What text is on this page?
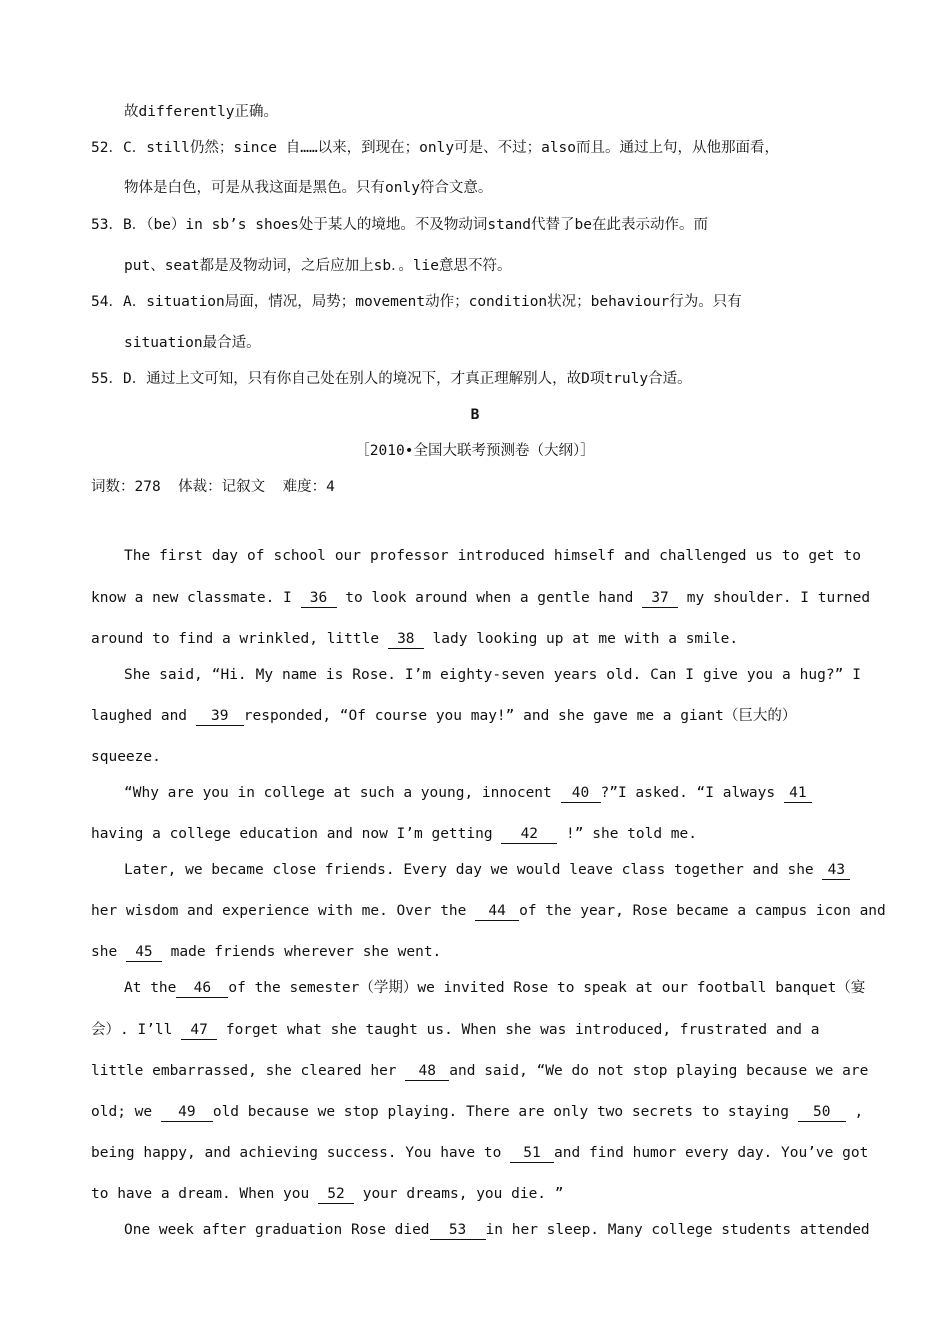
故differently正确。
52．C．still仍然；since 自……以来，到现在；only可是、不过；also而且。通过上句，从他那面看，
物体是白色，可是从我这面是黑色。只有only符合文意。
53．B．（be）in sb’s shoes处于某人的境地。不及物动词stand代替了be在此表示动作。而
put、seat都是及物动词，之后应加上sb．。lie意思不符。
54．A．situation局面，情况，局势；movement动作；condition状况；behaviour行为。只有
situation最合适。
55．D．通过上文可知，只有你自己处在别人的境况下，才真正理解别人，故D项truly合适。
B
［2010•全国大联考预测卷（大纲）］
词数：278  体裁：记叙文  难度：4
The first day of school our professor introduced himself and challenged us to get to
know a new classmate. I 36 to look around when a gentle hand 37 my shoulder. I turned
around to find a wrinkled, little 38 lady looking up at me with a smile.
She said, “Hi. My name is Rose. I’m eighty-seven years old. Can I give you a hug?” I
laughed and 39 responded, “Of course you may!” and she gave me a giant（巨大的）
squeeze.
“Why are you in college at such a young, innocent 40 ?”I asked. “I always 41
having a college education and now I’m getting 42 !” she told me.
Later, we became close friends. Every day we would leave class together and she 43
her wisdom and experience with me. Over the 44 of the year, Rose became a campus icon and
she 45 made friends wherever she went.
At the 46 of the semester（学期）we invited Rose to speak at our football banquet（宴
会）. I’ll 47 forget what she taught us. When she was introduced, frustrated and a
little embarrassed, she cleared her 48 and said, “We do not stop playing because we are
old; we 49 old because we stop playing. There are only two secrets to staying 50 ,
being happy, and achieving success. You have to 51 and find humor every day. You’ve got
to have a dream. When you 52 your dreams, you die. ”
One week after graduation Rose died 53 in her sleep. Many college students attended
